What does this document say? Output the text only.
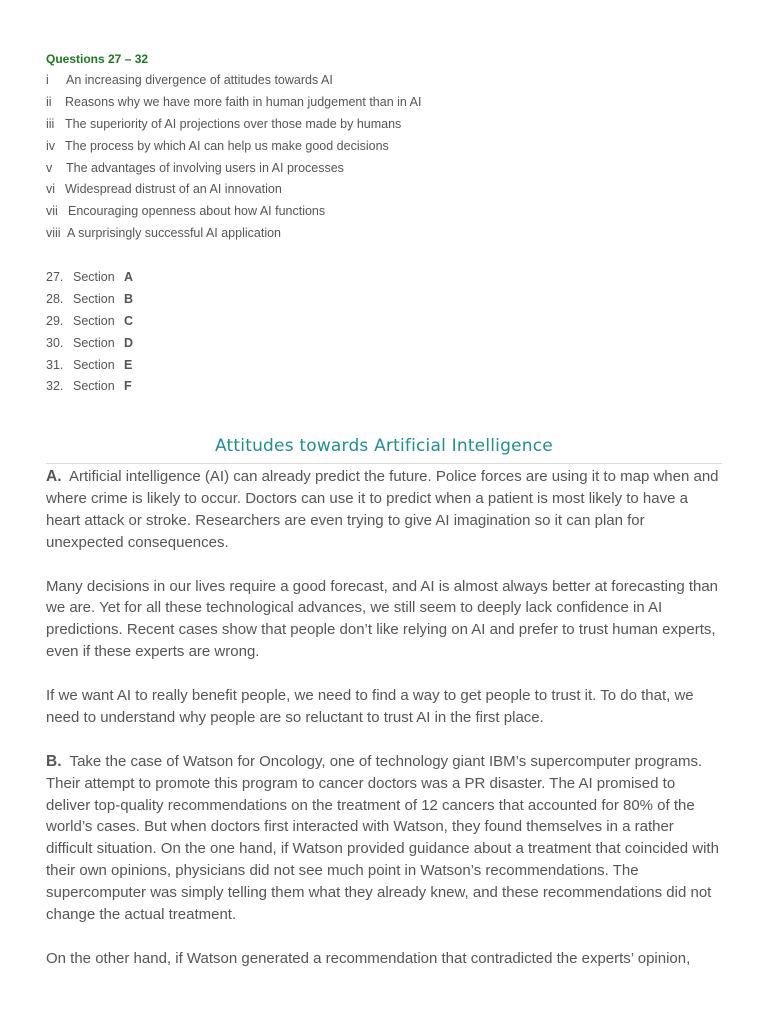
Questions 27 – 32
i An increasing divergence of attitudes towards AI
ii Reasons why we have more faith in human judgement than in AI
iii The superiority of AI projections over those made by humans
iv The process by which AI can help us make good decisions
v The advantages of involving users in AI processes
vi Widespread distrust of an AI innovation
vii Encouraging openness about how AI functions
viii A surprisingly successful AI application
27. Section A
28. Section B
29. Section C
30. Section D
31. Section E
32. Section F
Attitudes towards Artificial Intelligence

A. Artificial intelligence (AI) can already predict the future. Police forces are using it to map when and where crime is likely to occur. Doctors can use it to predict when a patient is most likely to have a heart attack or stroke. Researchers are even trying to give AI imagination so it can plan for unexpected consequences.

Many decisions in our lives require a good forecast, and AI is almost always better at forecasting than we are. Yet for all these technological advances, we still seem to deeply lack confidence in AI predictions. Recent cases show that people don’t like relying on AI and prefer to trust human experts, even if these experts are wrong.

If we want AI to really benefit people, we need to find a way to get people to trust it. To do that, we need to understand why people are so reluctant to trust AI in the first place.

B. Take the case of Watson for Oncology, one of technology giant IBM’s supercomputer programs. Their attempt to promote this program to cancer doctors was a PR disaster. The AI promised to deliver top-quality recommendations on the treatment of 12 cancers that accounted for 80% of the world’s cases. But when doctors first interacted with Watson, they found themselves in a rather difficult situation. On the one hand, if Watson provided guidance about a treatment that coincided with their own opinions, physicians did not see much point in Watson’s recommendations. The supercomputer was simply telling them what they already knew, and these recommendations did not change the actual treatment.

On the other hand, if Watson generated a recommendation that contradicted the experts’ opinion,
